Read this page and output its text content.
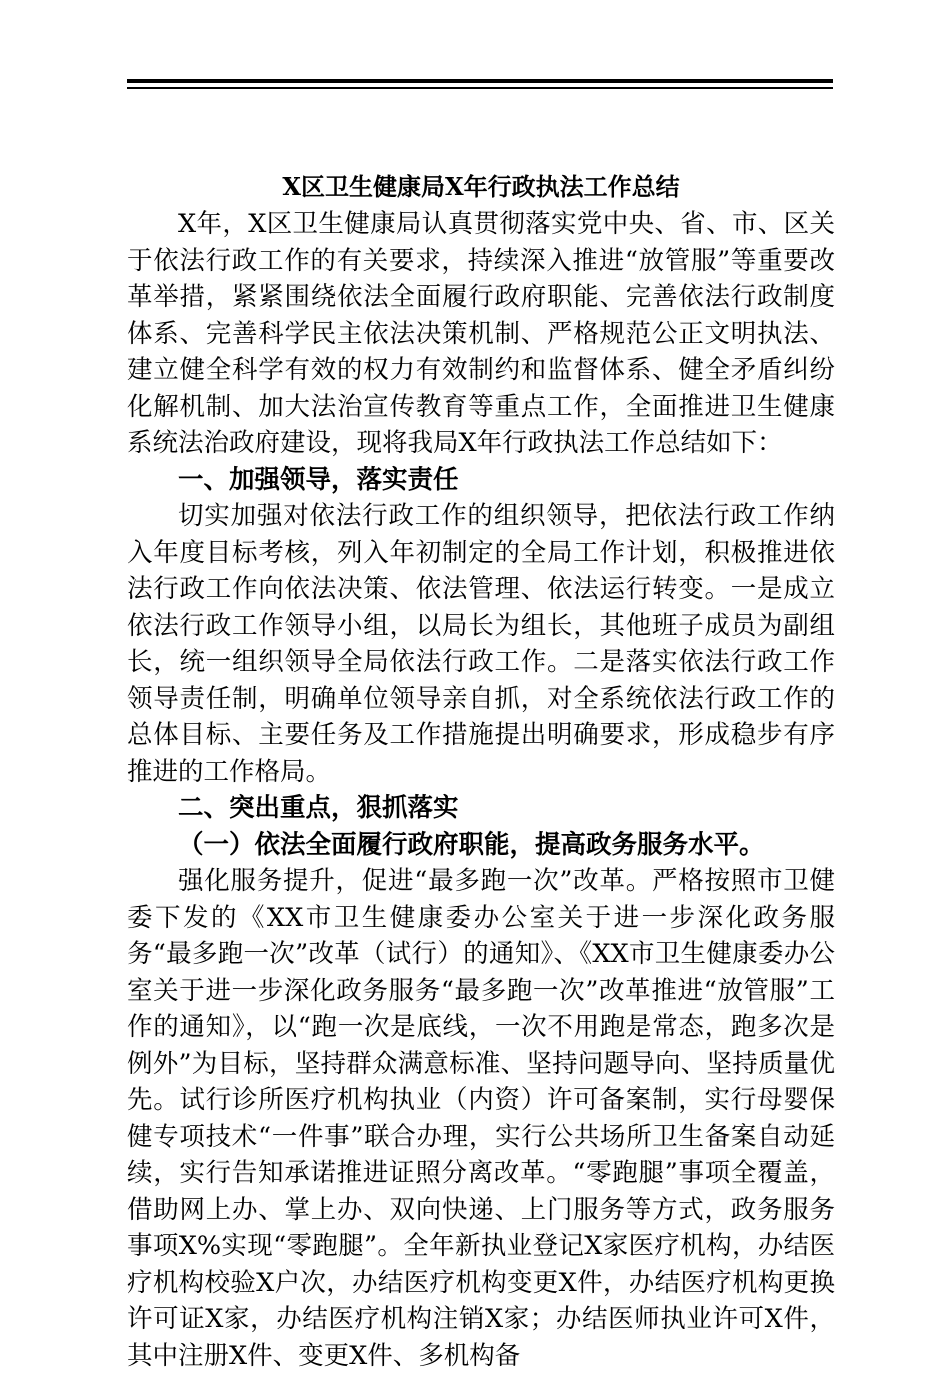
X区卫生健康局X年行政执法工作总结

X年，X区卫生健康局认真贯彻落实党中央、省、市、区关于依法行政工作的有关要求，持续深入推进“放管服”等重要改革举措，紧紧围绕依法全面履行政府职能、完善依法行政制度体系、完善科学民主依法决策机制、严格规范公正文明执法、建立健全科学有效的权力有效制约和监督体系、健全矛盾纠纷化解机制、加大法治宣传教育等重点工作，全面推进卫生健康系统法治政府建设，现将我局X年行政执法工作总结如下：

一、加强领导，落实责任

切实加强对依法行政工作的组织领导，把依法行政工作纳入年度目标考核，列入年初制定的全局工作计划，积极推进依法行政工作向依法决策、依法管理、依法运行转变。一是成立依法行政工作领导小组，以局长为组长，其他班子成员为副组长，统一组织领导全局依法行政工作。二是落实依法行政工作领导责任制，明确单位领导亲自抓，对全系统依法行政工作的总体目标、主要任务及工作措施提出明确要求，形成稳步有序推进的工作格局。

二、突出重点，狠抓落实

（一）依法全面履行政府职能，提高政务服务水平。

强化服务提升，促进“最多跑一次”改革。严格按照市卫健委下发的《XX市卫生健康委办公室关于进一步深化政务服务“最多跑一次”改革（试行）的通知》、《XX市卫生健康委办公室关于进一步深化政务服务“最多跑一次”改革推进“放管服”工作的通知》，以“跑一次是底线，一次不用跑是常态，跑多次是例外”为目标，坚持群众满意标准、坚持问题导向、坚持质量优先。试行诊所医疗机构执业（内资）许可备案制，实行母婴保健专项技术“一件事”联合办理，实行公共场所卫生备案自动延续，实行告知承诺推进证照分离改革。“零跑腿”事项全覆盖，借助网上办、掌上办、双向快递、上门服务等方式，政务服务事项X%实现“零跑腿”。全年新执业登记X家医疗机构，办结医疗机构校验X户次，办结医疗机构变更X件，办结医疗机构更换许可证X家，办结医疗机构注销X家；办结医师执业许可X件，其中注册X件、变更X件、多机构备
